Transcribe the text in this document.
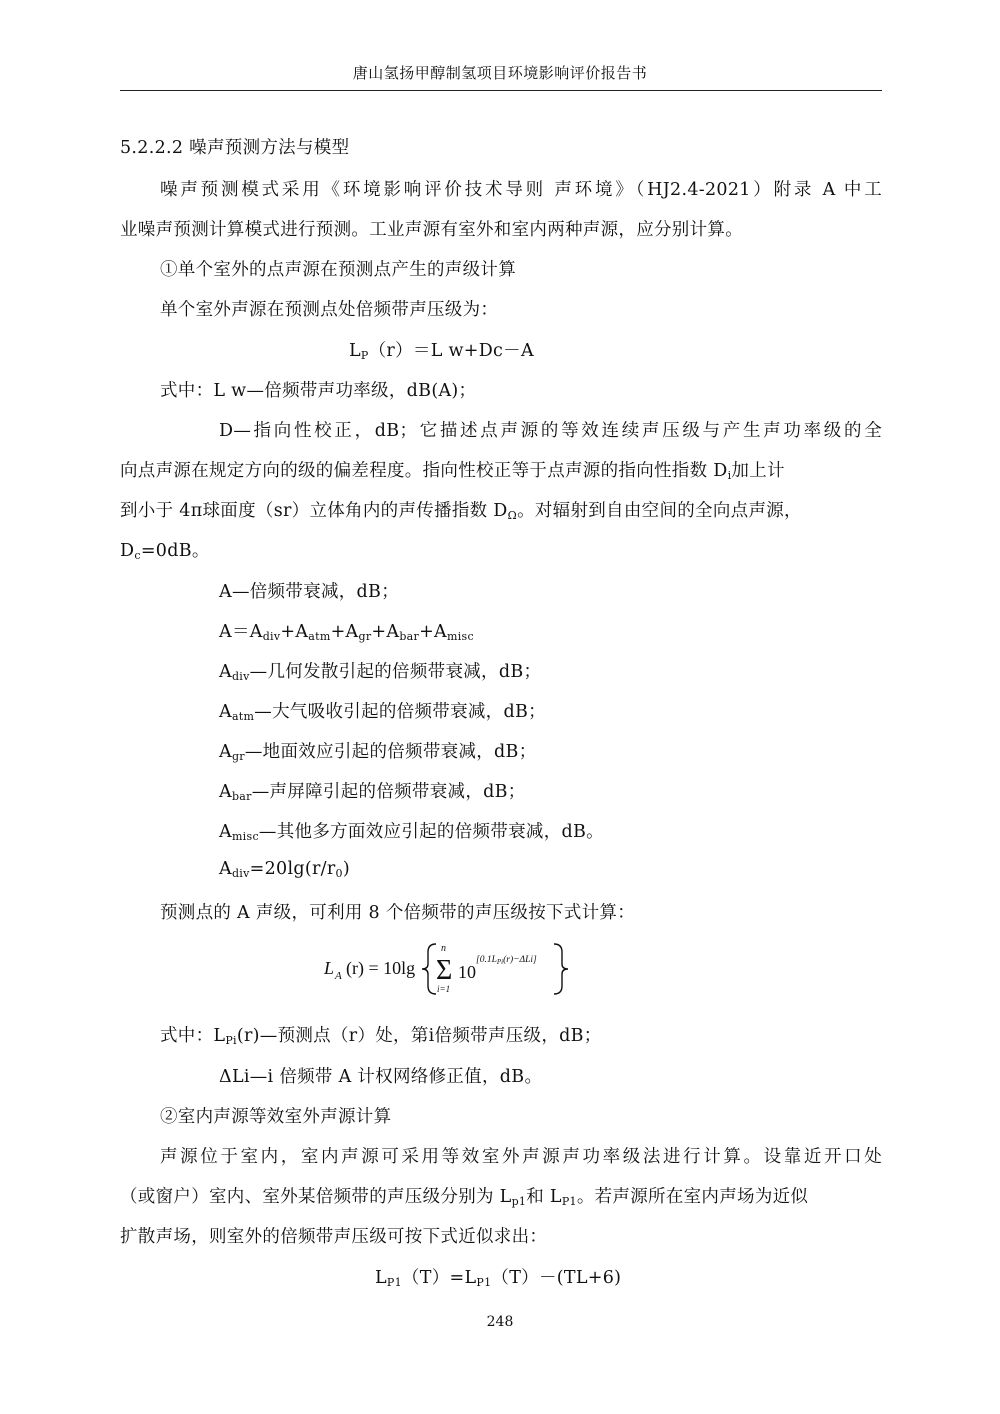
唐山氢扬甲醇制氢项目环境影响评价报告书
5.2.2.2 噪声预测方法与模型
噪声预测模式采用《环境影响评价技术导则 声环境》（HJ2.4-2021）附录 A 中工
业噪声预测计算模式进行预测。工业声源有室外和室内两种声源，应分别计算。
①单个室外的点声源在预测点产生的声级计算
单个室外声源在预测点处倍频带声压级为：
$L_P(r)=L$ w+Dc－A
式中：L w—倍频带声功率级，dB(A)；
D—指向性校正，dB；它描述点声源的等效连续声压级与产生声功率级的全
向点声源在规定方向的级的偏差程度。指向性校正等于点声源的指向性指数 $D_i$加上计
到小于 4π球面度（sr）立体角内的声传播指数 $D_\Omega$。对辐射到自由空间的全向点声源，
$D_c=0dB$。
A—倍频带衰减，dB；
$A=A_{div}+A_{atm}+A_{gr}+A_{bar}+A_{misc}$
$A_{div}—$几何发散引起的倍频带衰减，dB；
$A_{atm}—$大气吸收引起的倍频带衰减，dB；
$A_{gr}—$地面效应引起的倍频带衰减，dB；
$A_{bar}—$声屏障引起的倍频带衰减，dB；
$A_{misc}—$其他多方面效应引起的倍频带衰减，dB。
$A_{div}=20\lg(r/r_0)$
预测点的 A 声级，可利用 8 个倍频带的声压级按下式计算：
L A (r) = 10lg
n
Σ
i=1
10
$[0.1L_{Pi}(r)-\Delta Li]$
式中：$L_{Pi}(r)—$预测点（r）处，第i倍频带声压级，dB；
ΔLi—i 倍频带 A 计权网络修正值，dB。
②室内声源等效室外声源计算
声源位于室内，室内声源可采用等效室外声源声功率级法进行计算。设靠近开口处
（或窗户）室内、室外某倍频带的声压级分别为 $L_{p1}$和 $L_{P1}$。若声源所在室内声场为近似
扩散声场，则室外的倍频带声压级可按下式近似求出：
$L_{P1}(T)=L_{P1}(T)-(TL+6)$
248
